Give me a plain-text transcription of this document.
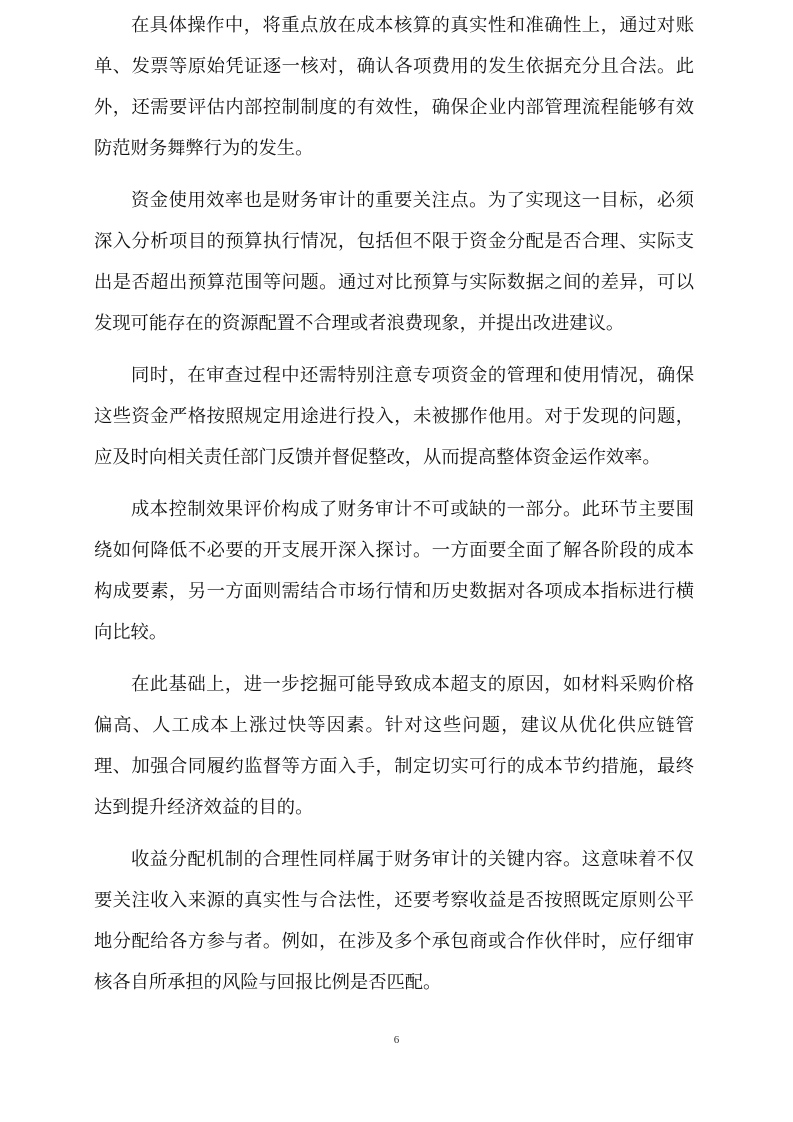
在具体操作中，将重点放在成本核算的真实性和准确性上，通过对账
单、发票等原始凭证逐一核对，确认各项费用的发生依据充分且合法。此
外，还需要评估内部控制制度的有效性，确保企业内部管理流程能够有效
防范财务舞弊行为的发生。

资金使用效率也是财务审计的重要关注点。为了实现这一目标，必须
深入分析项目的预算执行情况，包括但不限于资金分配是否合理、实际支
出是否超出预算范围等问题。通过对比预算与实际数据之间的差异，可以
发现可能存在的资源配置不合理或者浪费现象，并提出改进建议。

同时，在审查过程中还需特别注意专项资金的管理和使用情况，确保
这些资金严格按照规定用途进行投入，未被挪作他用。对于发现的问题，
应及时向相关责任部门反馈并督促整改，从而提高整体资金运作效率。

成本控制效果评价构成了财务审计不可或缺的一部分。此环节主要围
绕如何降低不必要的开支展开深入探讨。一方面要全面了解各阶段的成本
构成要素，另一方面则需结合市场行情和历史数据对各项成本指标进行横
向比较。

在此基础上，进一步挖掘可能导致成本超支的原因，如材料采购价格
偏高、人工成本上涨过快等因素。针对这些问题，建议从优化供应链管
理、加强合同履约监督等方面入手，制定切实可行的成本节约措施，最终
达到提升经济效益的目的。

收益分配机制的合理性同样属于财务审计的关键内容。这意味着不仅
要关注收入来源的真实性与合法性，还要考察收益是否按照既定原则公平
地分配给各方参与者。例如，在涉及多个承包商或合作伙伴时，应仔细审
核各自所承担的风险与回报比例是否匹配。

6
